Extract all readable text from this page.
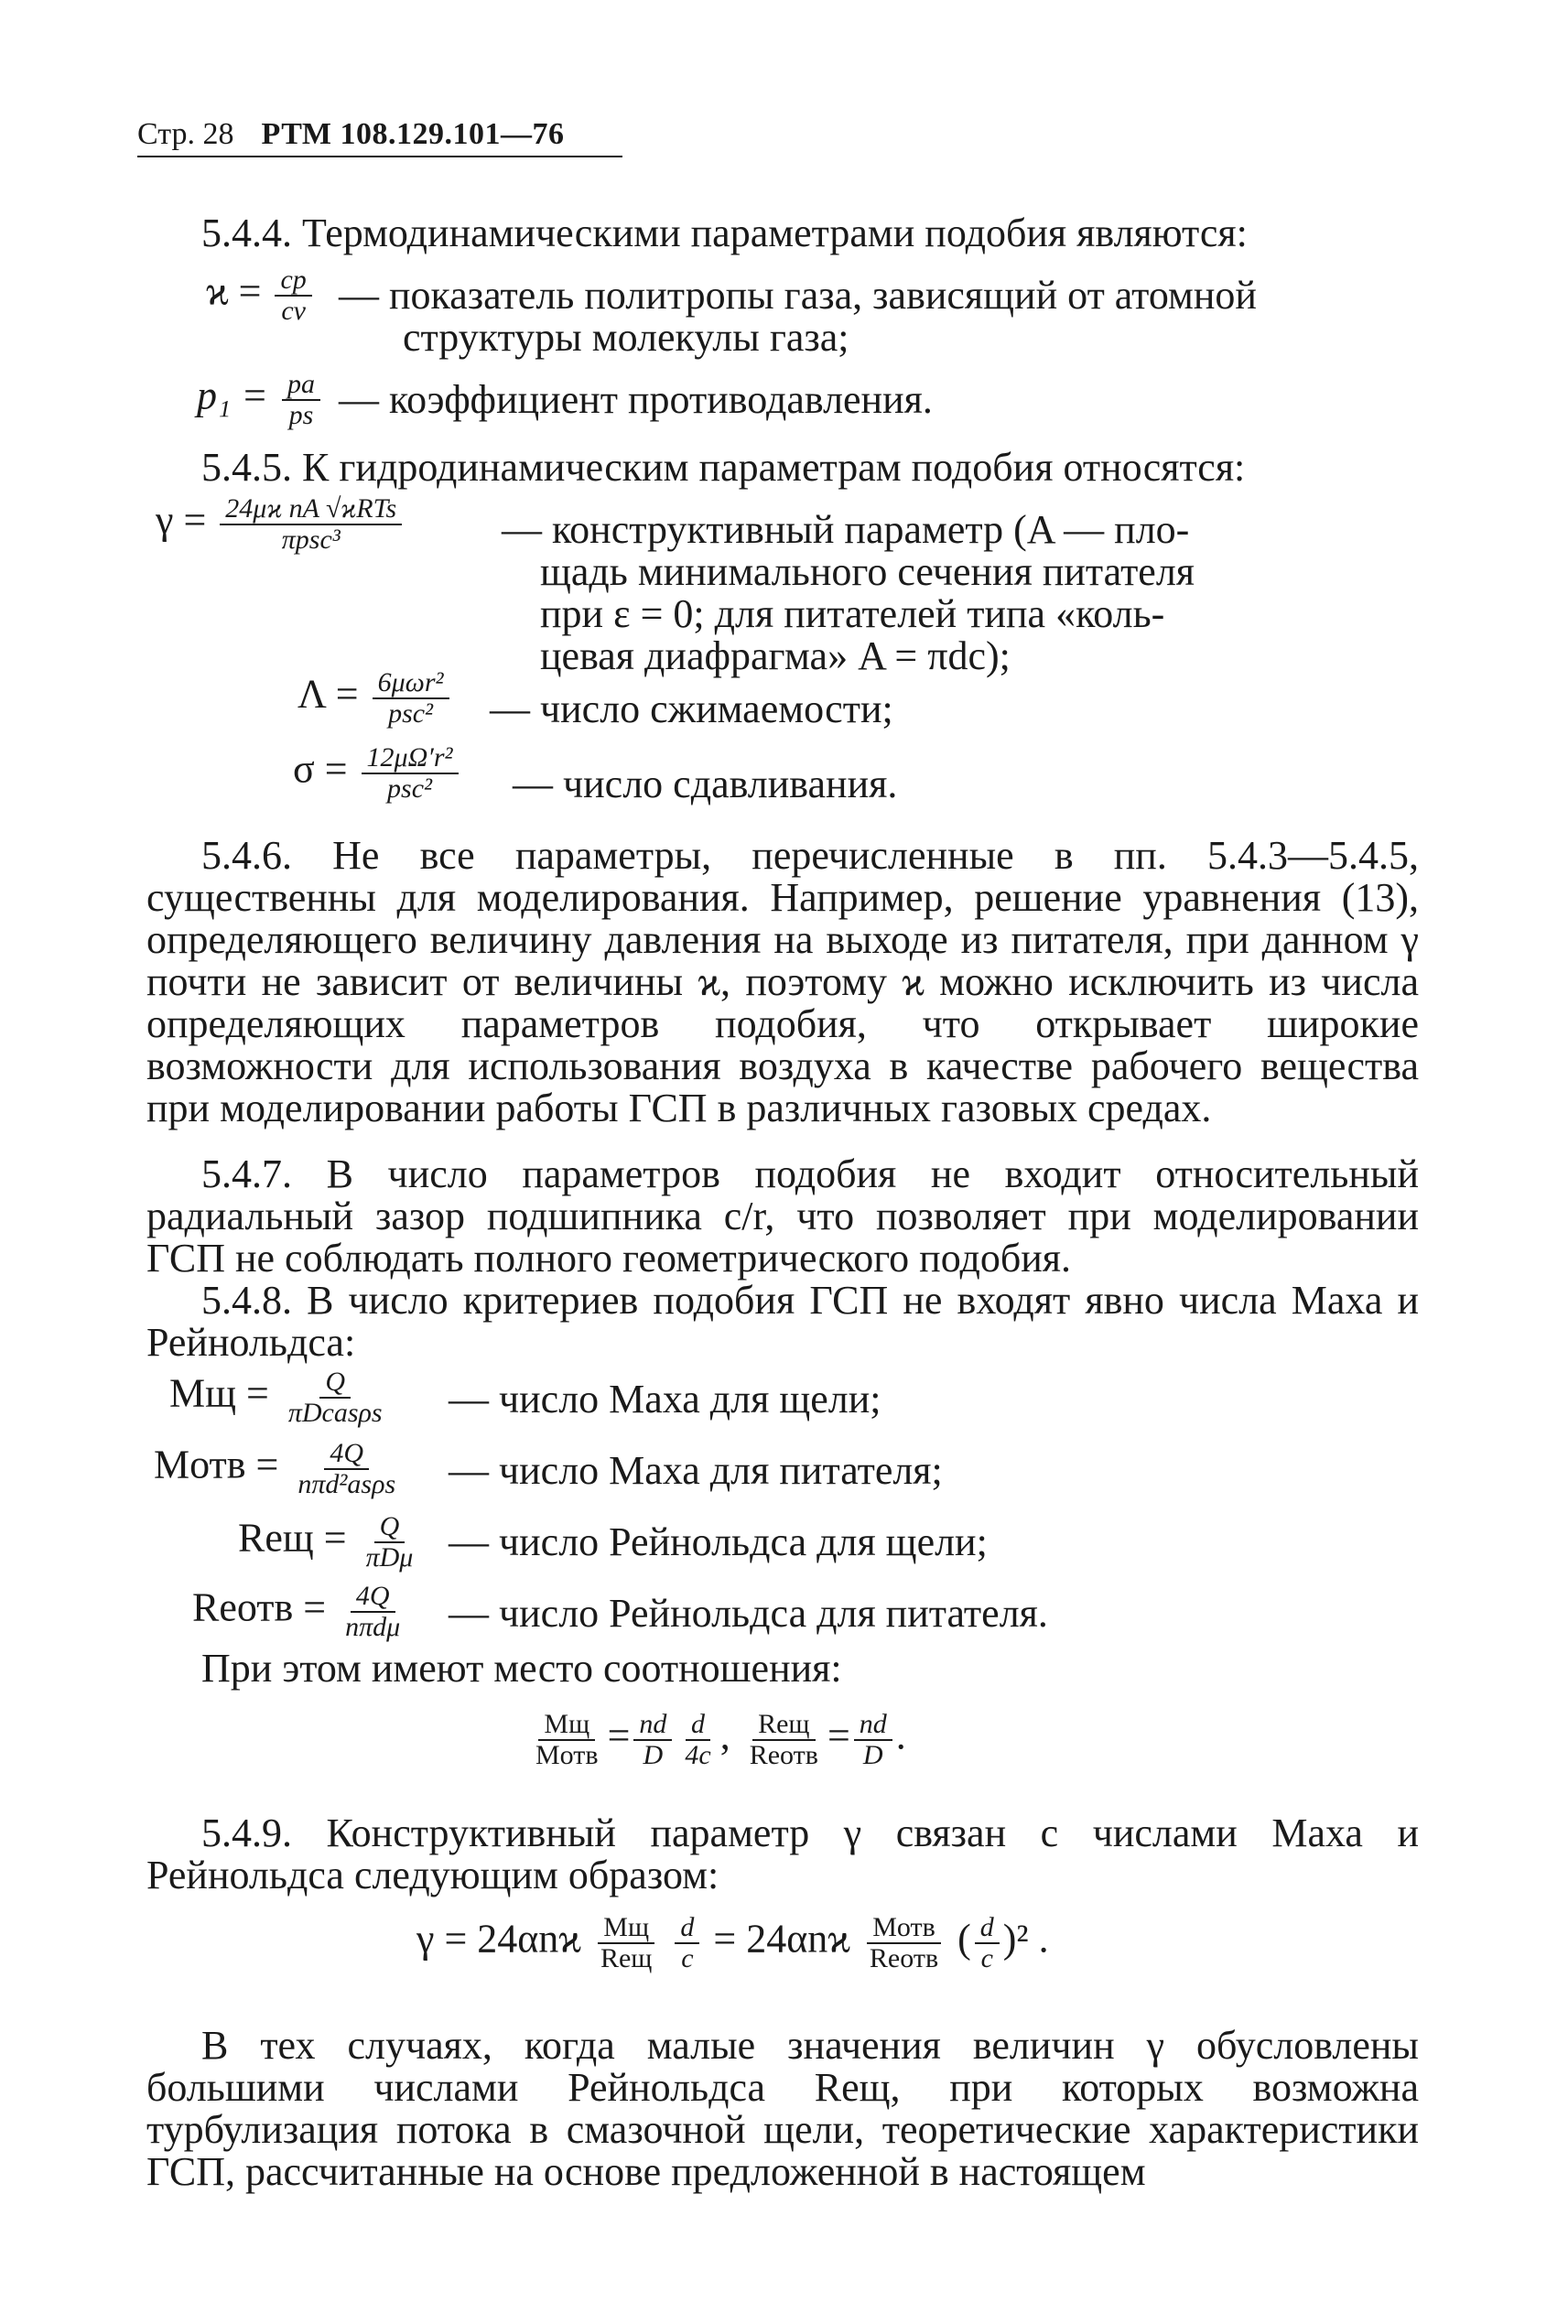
Стр. 28 РТМ 108.129.101—76
5.4.4. Термодинамическими параметрами подобия являются:
$ϰ = \frac{cp}{cv}$ — показатель политропы газа, зависящий от атомной
структуры молекулы газа;
$p_1 = \frac{pa}{ps}$ — коэффициент противодавления.
5.4.5. К гидродинамическим параметрам подобия относятся:
$\gamma = \frac{\text{24μϰ nA √ϰRTs}}{\text{πpsc³}}$ — конструктивный параметр (A — пло-
щадь минимального сечения питателя
при ε = 0; для питателей типа «коль-
цевая диафрагма» A = πdc);
$\Lambda = \frac{\text{6μωr²}}{\text{psc²}}$ — число сжимаемости;
$\sigma = \frac{\text{12μΩ′r²}}{\text{psc²}}$ — число сдавливания.
5.4.6. Не все параметры, перечисленные в пп. 5.4.3—5.4.5, существенны для моделирования. Например, решение уравнения (13), определяющего величину давления на выходе из питателя, при данном γ почти не зависит от величины ϰ, поэтому ϰ можно исключить из числа определяющих параметров подобия, что открывает широкие возможности для использования воздуха в качестве рабочего вещества при моделировании работы ГСП в различных газовых средах.
5.4.7. В число параметров подобия не входит относительный радиальный зазор подшипника c/r, что позволяет при моделировании ГСП не соблюдать полного геометрического подобия.
5.4.8. В число критериев подобия ГСП не входят явно числа Маха и Рейнольдса:
Mщ = $\frac{Q}{\text{πDcasρs}}$ — число Маха для щели;
Mотв = $\frac{4Q}{\text{nπd²asρs}}$ — число Маха для питателя;
Reщ = $\frac{Q}{\text{πDμ}}$ — число Рейнольдса для щели;
Reотв = $\frac{4Q}{\text{nπdμ}}$ — число Рейнольдса для питателя.
При этом имеют место соотношения:
$\frac{Mщ}{\text{Mотв}} = \frac{nd}{D} \frac{d}{4c}$ , $\frac{\text{Reщ}}{\text{Reотв}} = \frac{nd}{D}$ .
5.4.9. Конструктивный параметр γ связан с числами Маха и Рейнольдса следующим образом:
$\gamma = 24\alpha nϰ \frac{Mщ}{\text{Reщ}}$
$\frac{d}{c} = 24\alpha nϰ \frac{\text{Mотв}}{\text{Reотв}}$ ( $\frac{d}{c} )^2$ .
В тех случаях, когда малые значения величин γ обусловлены большими числами Рейнольдса Reщ, при которых возможна турбулизация потока в смазочной щели, теоретические характеристики ГСП, рассчитанные на основе предложенной в настоящем
